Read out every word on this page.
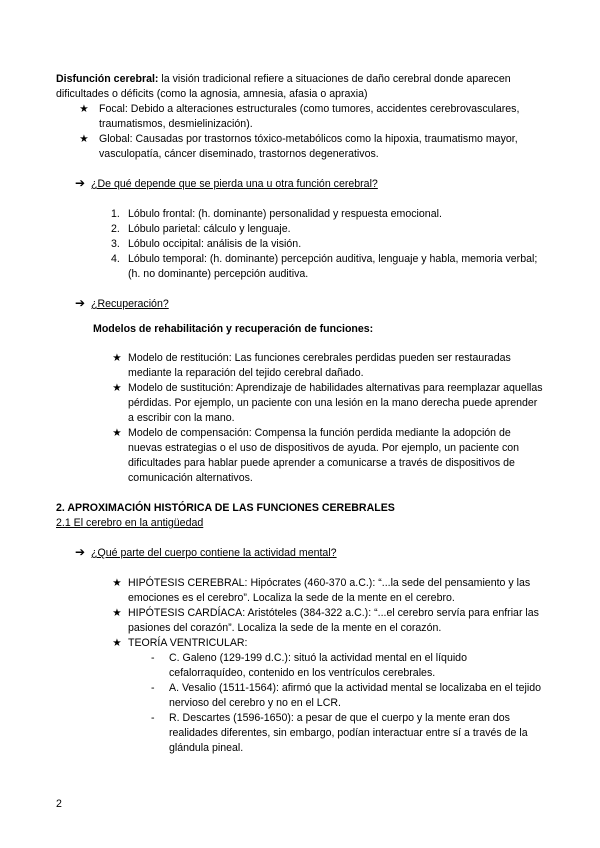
Disfunción cerebral: la visión tradicional refiere a situaciones de daño cerebral donde aparecen dificultades o déficits (como la agnosia, amnesia, afasia o apraxia)

★ Focal: Debido a alteraciones estructurales (como tumores, accidentes cerebrovasculares, traumatismos, desmielinización).
★ Global: Causadas por trastornos tóxico-metabólicos como la hipoxia, traumatismo mayor, vasculopatía, cáncer diseminado, trastornos degenerativos.
➔ ¿De qué depende que se pierda una u otra función cerebral?
1. Lóbulo frontal: (h. dominante) personalidad y respuesta emocional.
2. Lóbulo parietal: cálculo y lenguaje.
3. Lóbulo occipital: análisis de la visión.
4. Lóbulo temporal: (h. dominante) percepción auditiva, lenguaje y habla, memoria verbal; (h. no dominante) percepción auditiva.
➔ ¿Recuperación?

Modelos de rehabilitación y recuperación de funciones:

★ Modelo de restitución: Las funciones cerebrales perdidas pueden ser restauradas mediante la reparación del tejido cerebral dañado.
★ Modelo de sustitución: Aprendizaje de habilidades alternativas para reemplazar aquellas pérdidas. Por ejemplo, un paciente con una lesión en la mano derecha puede aprender a escribir con la mano.
★ Modelo de compensación: Compensa la función perdida mediante la adopción de nuevas estrategias o el uso de dispositivos de ayuda. Por ejemplo, un paciente con dificultades para hablar puede aprender a comunicarse a través de dispositivos de comunicación alternativos.

2. APROXIMACIÓN HISTÓRICA DE LAS FUNCIONES CEREBRALES

2.1 El cerebro en la antigüedad

➔ ¿Qué parte del cuerpo contiene la actividad mental?
★ HIPÓTESIS CEREBRAL: Hipócrates (460-370 a.C.): “...la sede del pensamiento y las emociones es el cerebro”. Localiza la sede de la mente en el cerebro.
★ HIPÓTESIS CARDÍACA: Aristóteles (384-322 a.C.): “...el cerebro servía para enfriar las pasiones del corazón”. Localiza la sede de la mente en el corazón.
★ TEORÍA VENTRICULAR:
- C. Galeno (129-199 d.C.): situó la actividad mental en el líquido cefalorraquídeo, contenido en los ventrículos cerebrales.
- A. Vesalio (1511-1564): afirmó que la actividad mental se localizaba en el tejido nervioso del cerebro y no en el LCR.
- R. Descartes (1596-1650): a pesar de que el cuerpo y la mente eran dos realidades diferentes, sin embargo, podían interactuar entre sí a través de la glándula pineal.
2
